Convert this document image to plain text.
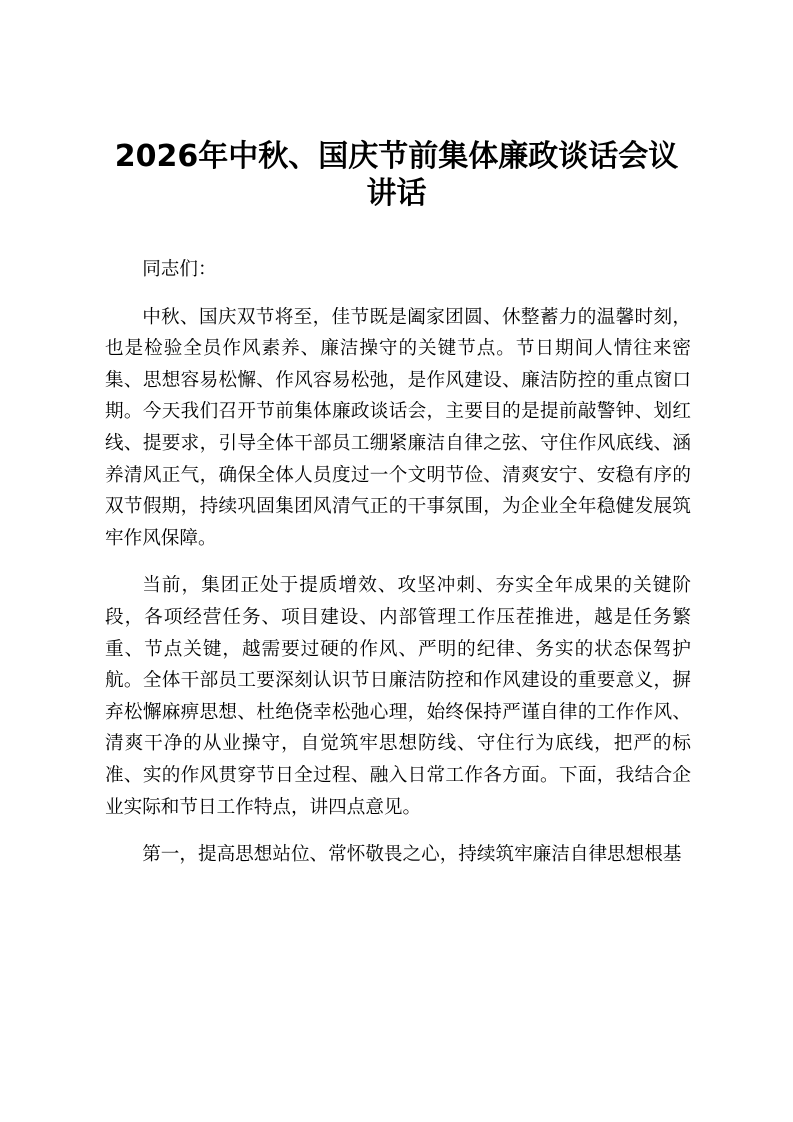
2026年中秋、国庆节前集体廉政谈话会议讲话

同志们：

中秋、国庆双节将至，佳节既是阖家团圆、休整蓄力的温馨时刻，也是检验全员作风素养、廉洁操守的关键节点。节日期间人情往来密集、思想容易松懈、作风容易松弛，是作风建设、廉洁防控的重点窗口期。今天我们召开节前集体廉政谈话会，主要目的是提前敲警钟、划红线、提要求，引导全体干部员工绷紧廉洁自律之弦、守住作风底线、涵养清风正气，确保全体人员度过一个文明节俭、清爽安宁、安稳有序的双节假期，持续巩固集团风清气正的干事氛围，为企业全年稳健发展筑牢作风保障。

当前，集团正处于提质增效、攻坚冲刺、夯实全年成果的关键阶段，各项经营任务、项目建设、内部管理工作压茬推进，越是任务繁重、节点关键，越需要过硬的作风、严明的纪律、务实的状态保驾护航。全体干部员工要深刻认识节日廉洁防控和作风建设的重要意义，摒弃松懈麻痹思想、杜绝侥幸松弛心理，始终保持严谨自律的工作作风、清爽干净的从业操守，自觉筑牢思想防线、守住行为底线，把严的标准、实的作风贯穿节日全过程、融入日常工作各方面。下面，我结合企业实际和节日工作特点，讲四点意见。

第一，提高思想站位、常怀敬畏之心，持续筑牢廉洁自律思想根基
